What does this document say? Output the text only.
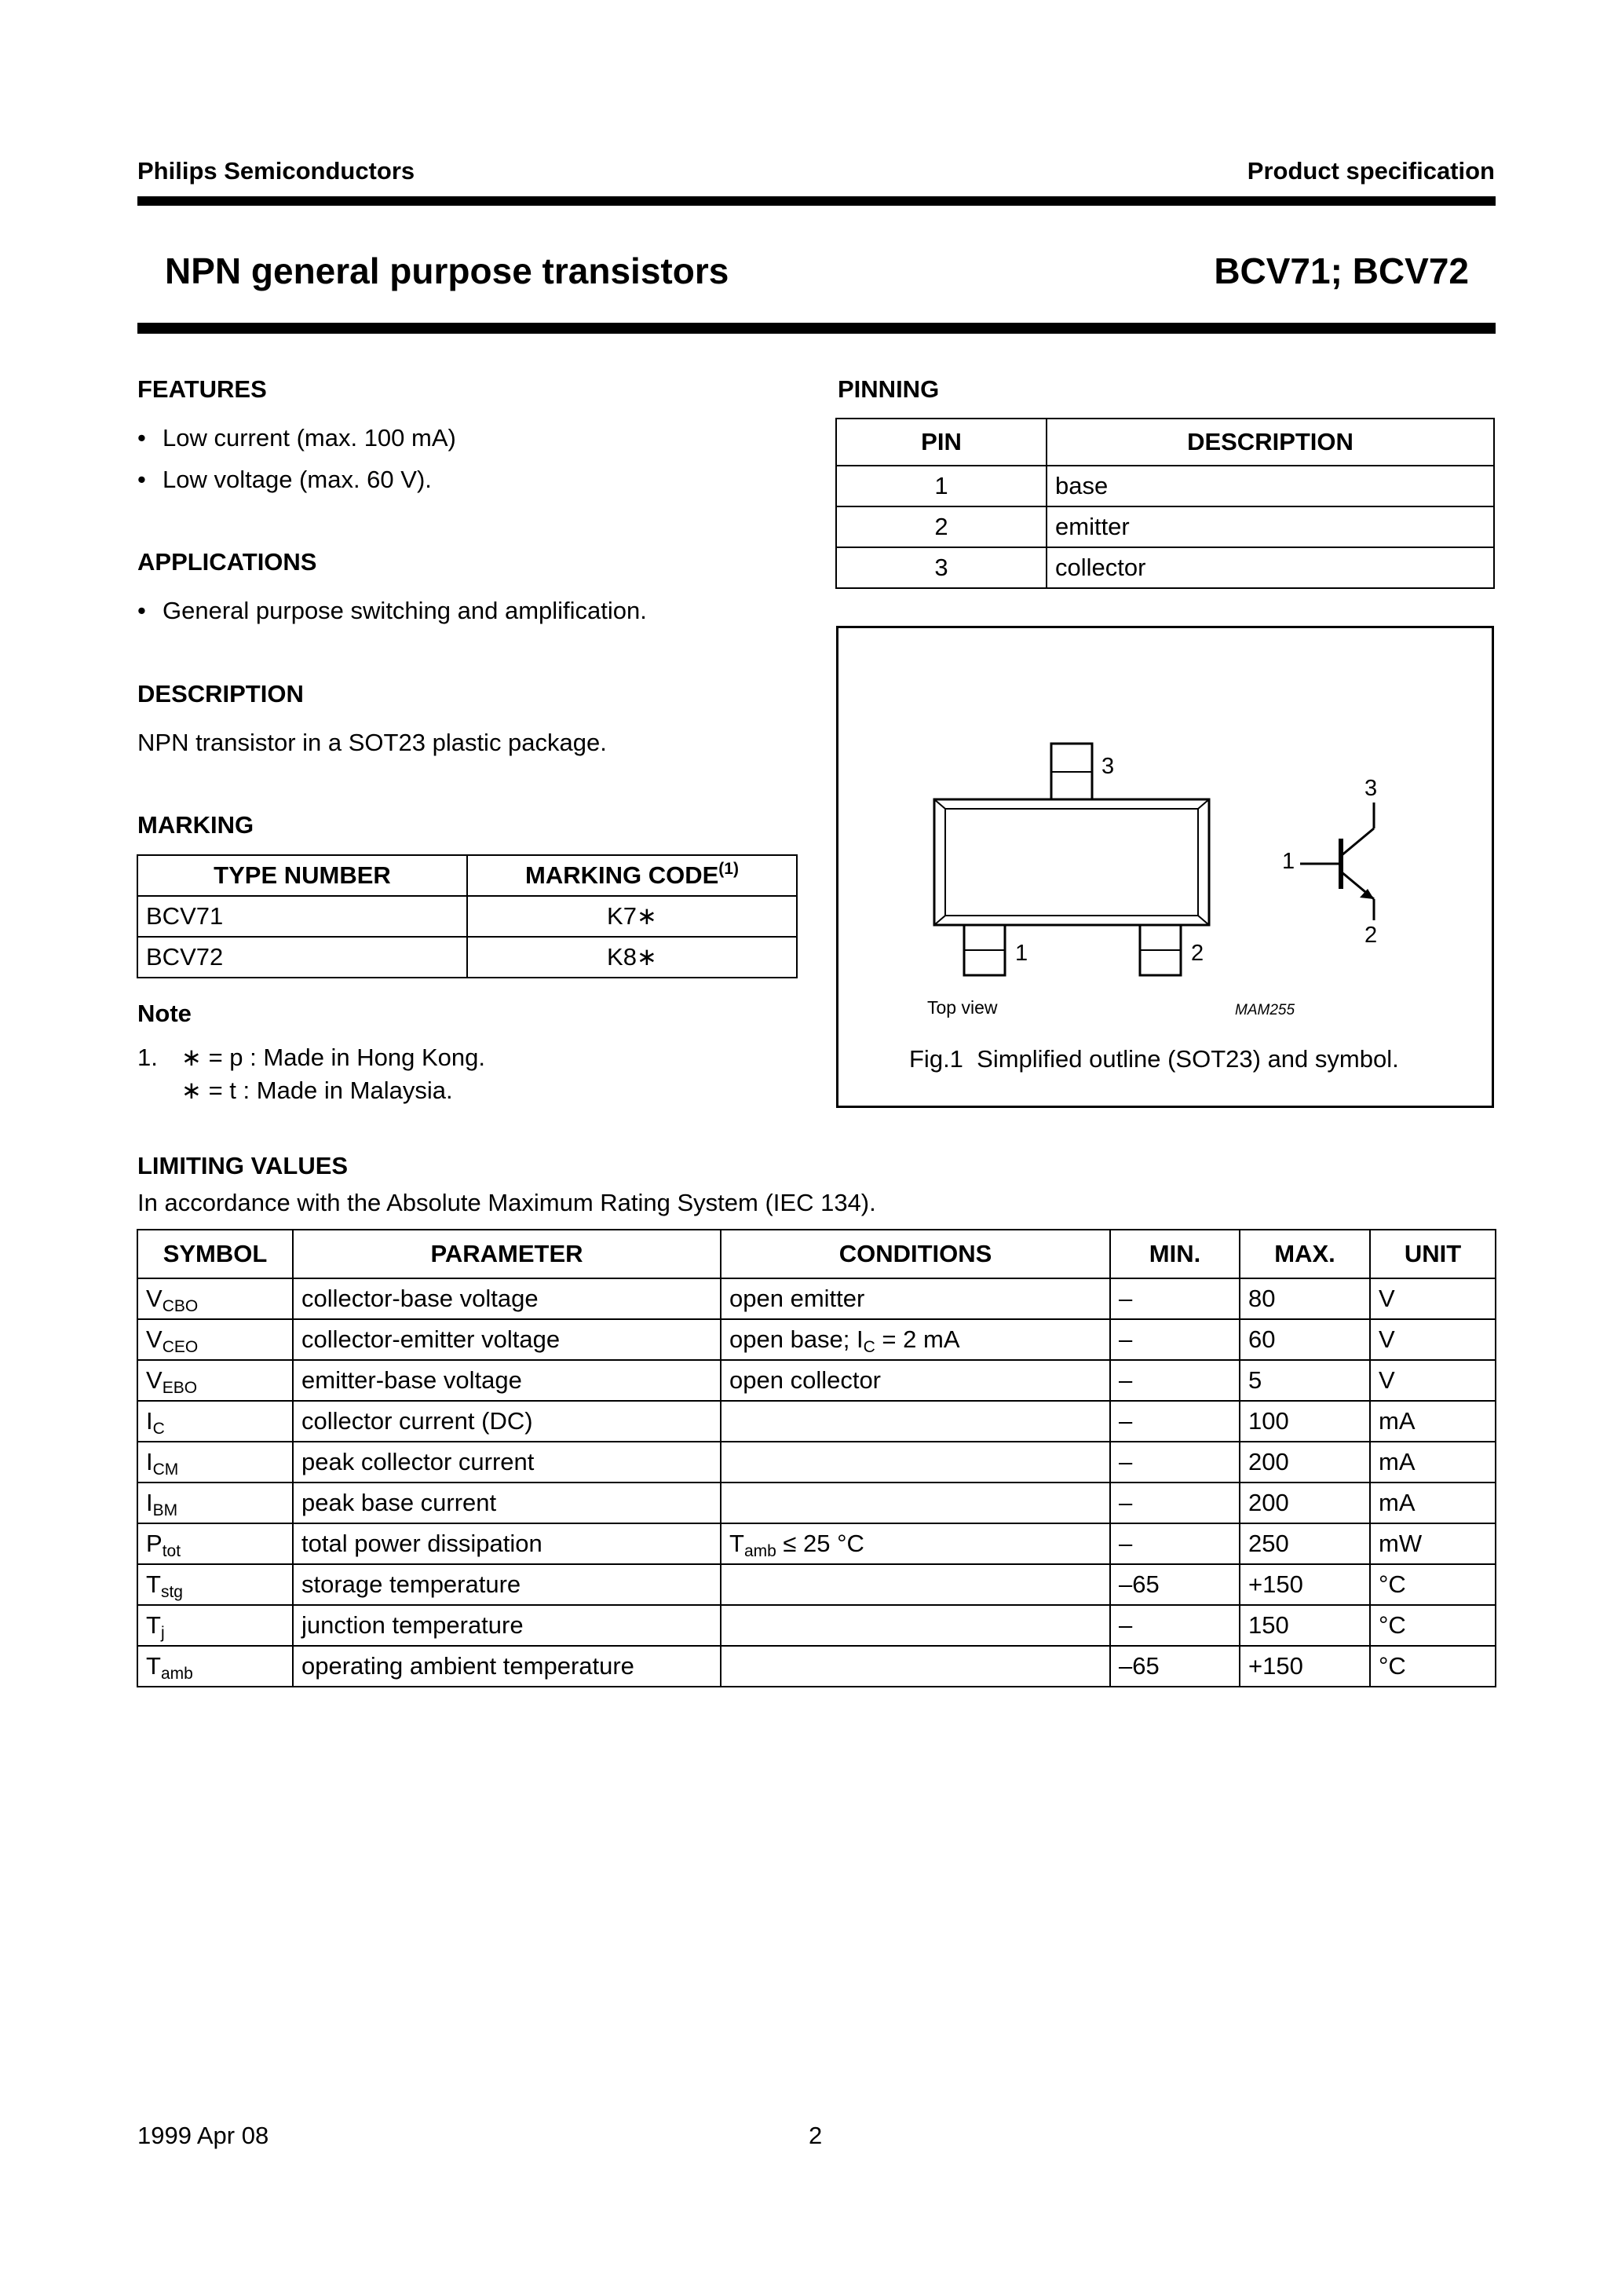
Philips Semiconductors	Product specification
NPN general purpose transistors	BCV71; BCV72
FEATURES
• Low current (max. 100 mA)
• Low voltage (max. 60 V).
APPLICATIONS
• General purpose switching and amplification.
DESCRIPTION
NPN transistor in a SOT23 plastic package.
MARKING
TYPE NUMBER	MARKING CODE$^{(1)}$
BCV71	K7∗
BCV72	K8∗
Note
1. ∗ = p : Made in Hong Kong.
∗ = t : Made in Malaysia.
PINNING
PIN	DESCRIPTION
1	base
2	emitter
3	collector
3
1	2
3
1
2
Top view	MAM255
Fig.1  Simplified outline (SOT23) and symbol.
LIMITING VALUES
In accordance with the Absolute Maximum Rating System (IEC 134).
SYMBOL	PARAMETER	CONDITIONS	MIN.	MAX.	UNIT
$V_{CBO}$	collector-base voltage	open emitter	–	80	V
$V_{CEO}$	collector-emitter voltage	open base; $I_C = 2$ mA	–	60	V
$V_{EBO}$	emitter-base voltage	open collector	–	5	V
$I_C$	collector current (DC)		–	100	mA
$I_{CM}$	peak collector current		–	200	mA
$I_{BM}$	peak base current		–	200	mA
$P_{tot}$	total power dissipation	$T_{amb} \le 25$ °C	–	250	mW
$T_{stg}$	storage temperature		–65	+150	°C
$T_j$	junction temperature		–	150	°C
$T_{amb}$	operating ambient temperature		–65	+150	°C
1999 Apr 08	2
